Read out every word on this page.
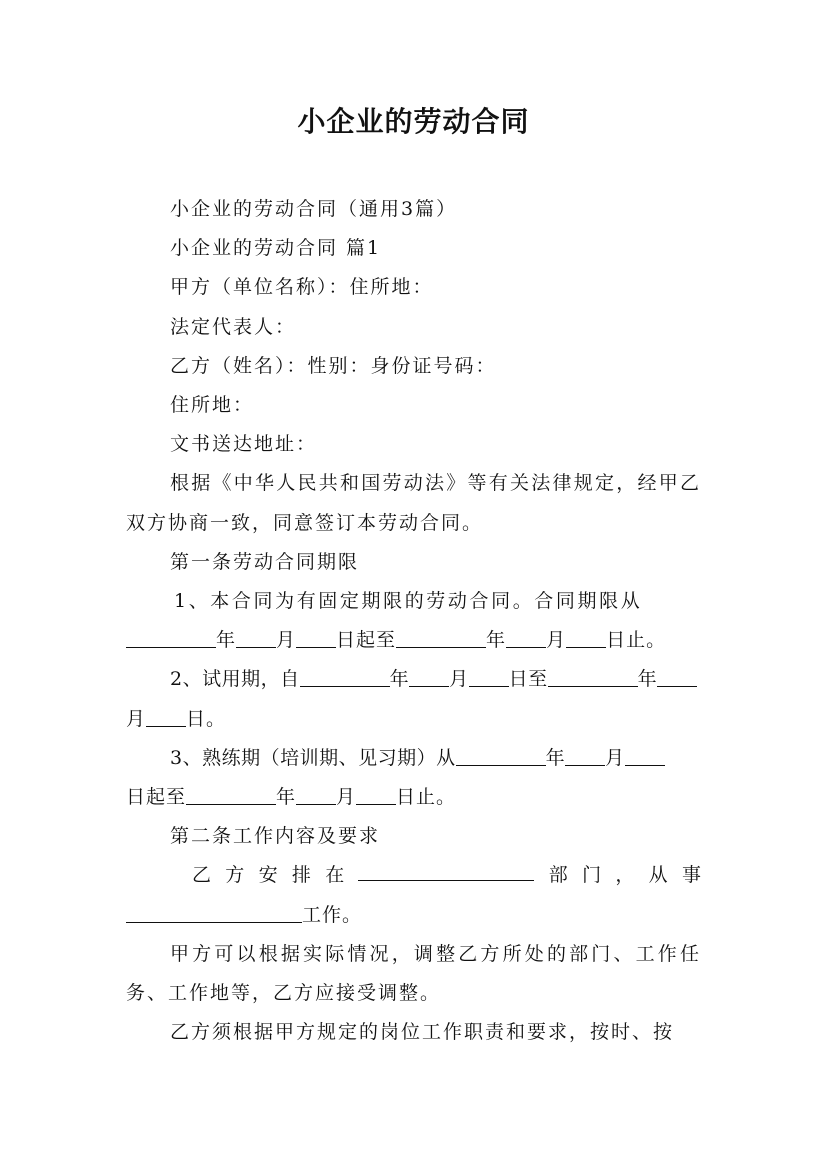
小企业的劳动合同

小企业的劳动合同（通用3篇）

小企业的劳动合同 篇1

甲方（单位名称）：住所地：

法定代表人：

乙方（姓名）：性别：身份证号码：

住所地：

文书送达地址：

根据《中华人民共和国劳动法》等有关法律规定，经甲乙双方协商一致，同意签订本劳动合同。

第一条劳动合同期限

1、本合同为有固定期限的劳动合同。合同期限从

年 月 日起至	年 月 日止。

2、试用期，自	年 月 日至	年

月 日。

3、熟练期（培训期、见习期）从	年 月

日起至	年 月 日止。

第二条工作内容及要求

乙 方 安 排 在	部 门 ， 从 事

工作。

甲方可以根据实际情况，调整乙方所处的部门、工作任务、工作地等，乙方应接受调整。

乙方须根据甲方规定的岗位工作职责和要求，按时、按
